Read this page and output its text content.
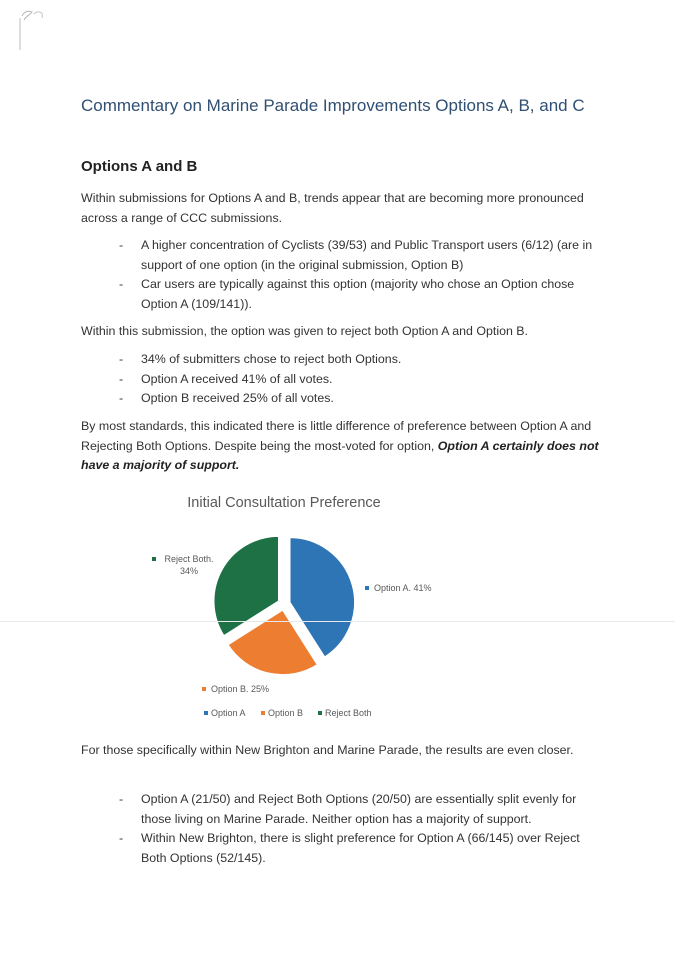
Commentary on Marine Parade Improvements Options A, B, and C
Options A and B

Within submissions for Options A and B, trends appear that are becoming more pronounced across a range of CCC submissions.

- A higher concentration of Cyclists (39/53) and Public Transport users (6/12) (are in support of one option (in the original submission, Option B)
- Car users are typically against this option (majority who chose an Option chose Option A (109/141)).

Within this submission, the option was given to reject both Option A and Option B.

- 34% of submitters chose to reject both Options.
- Option A received 41% of all votes.
- Option B received 25% of all votes.

By most standards, this indicated there is little difference of preference between Option A and Rejecting Both Options. Despite being the most-voted for option, Option A certainly does not have a majority of support.

Option A. 41%
Option B. 25%
Reject Both.
34%
Option A Option B Reject Both
Initial Consultation Preference

For those specifically within New Brighton and Marine Parade, the results are even closer.

- Option A (21/50) and Reject Both Options (20/50) are essentially split evenly for those living on Marine Parade. Neither option has a majority of support.
- Within New Brighton, there is slight preference for Option A (66/145) over Reject Both Options (52/145).
